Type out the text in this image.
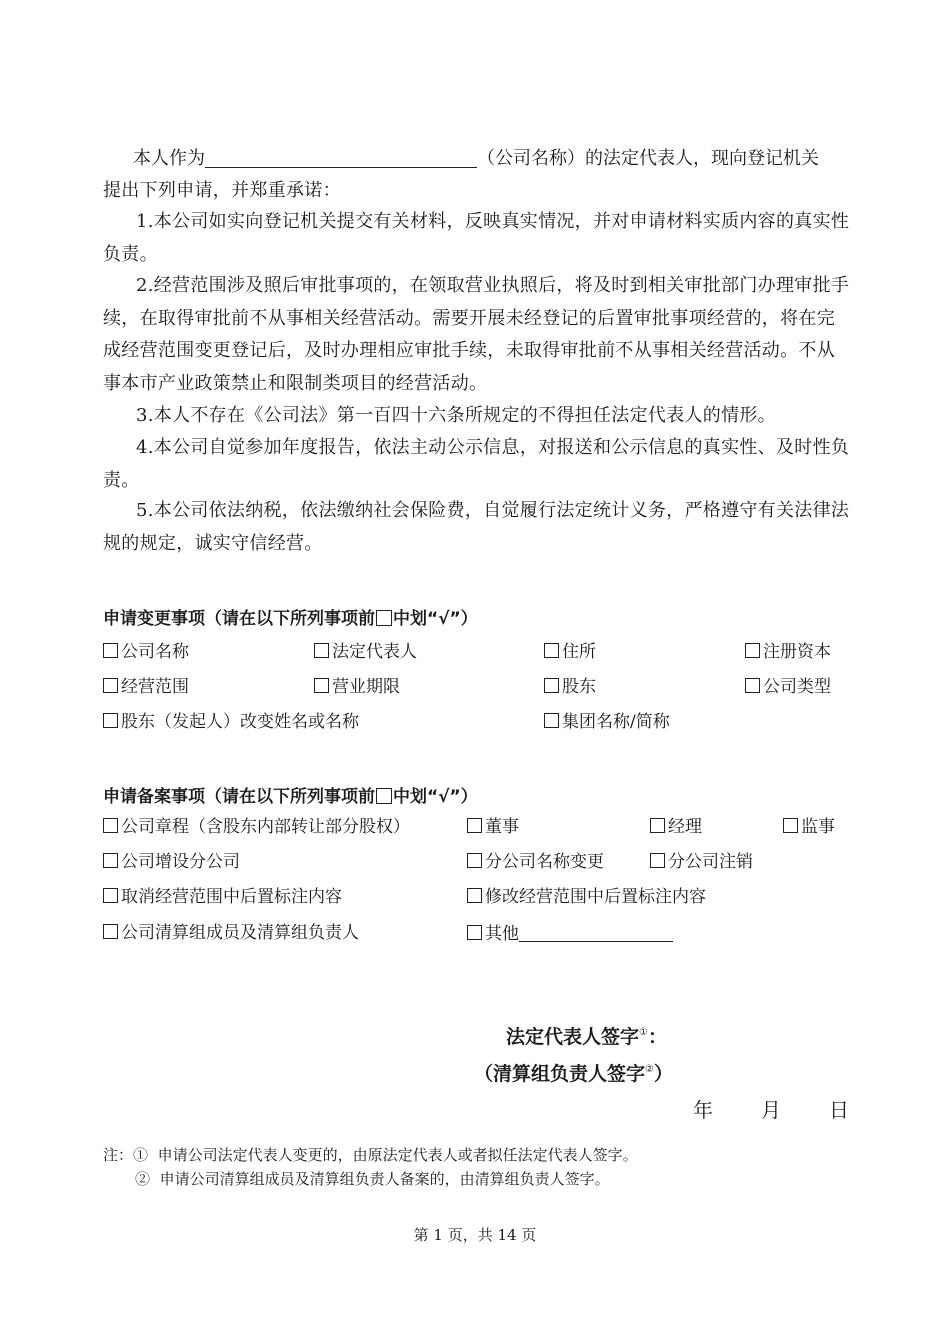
本人作为	（公司名称）的法定代表人，现向登记机关
提出下列申请，并郑重承诺：
1.本公司如实向登记机关提交有关材料，反映真实情况，并对申请材料实质内容的真实性负责。
2.经营范围涉及照后审批事项的，在领取营业执照后，将及时到相关审批部门办理审批手续，在取得审批前不从事相关经营活动。需要开展未经登记的后置审批事项经营的，将在完成经营范围变更登记后，及时办理相应审批手续，未取得审批前不从事相关经营活动。不从事本市产业政策禁止和限制类项目的经营活动。
3.本人不存在《公司法》第一百四十六条所规定的不得担任法定代表人的情形。
4.本公司自觉参加年度报告，依法主动公示信息，对报送和公示信息的真实性、及时性负责。
5.本公司依法纳税，依法缴纳社会保险费，自觉履行法定统计义务，严格遵守有关法律法规的规定，诚实守信经营。
申请变更事项（请在以下所列事项前 中划“√”）
公司名称	法定代表人	住所	注册资本
经营范围	营业期限	股东	公司类型
股东（发起人）改变姓名或名称	集团名称/简称
申请备案事项（请在以下所列事项前 中划“√”）
公司章程（含股东内部转让部分股权）	董事	经理	监事
公司增设分公司	分公司名称变更	分公司注销
取消经营范围中后置标注内容	修改经营范围中后置标注内容
公司清算组成员及清算组负责人	其他
法定代表人签字①：
（清算组负责人签字②）
年 月 日
注：① 申请公司法定代表人变更的，由原法定代表人或者拟任法定代表人签字。
② 申请公司清算组成员及清算组负责人备案的，由清算组负责人签字。
第 1 页，共 14 页
